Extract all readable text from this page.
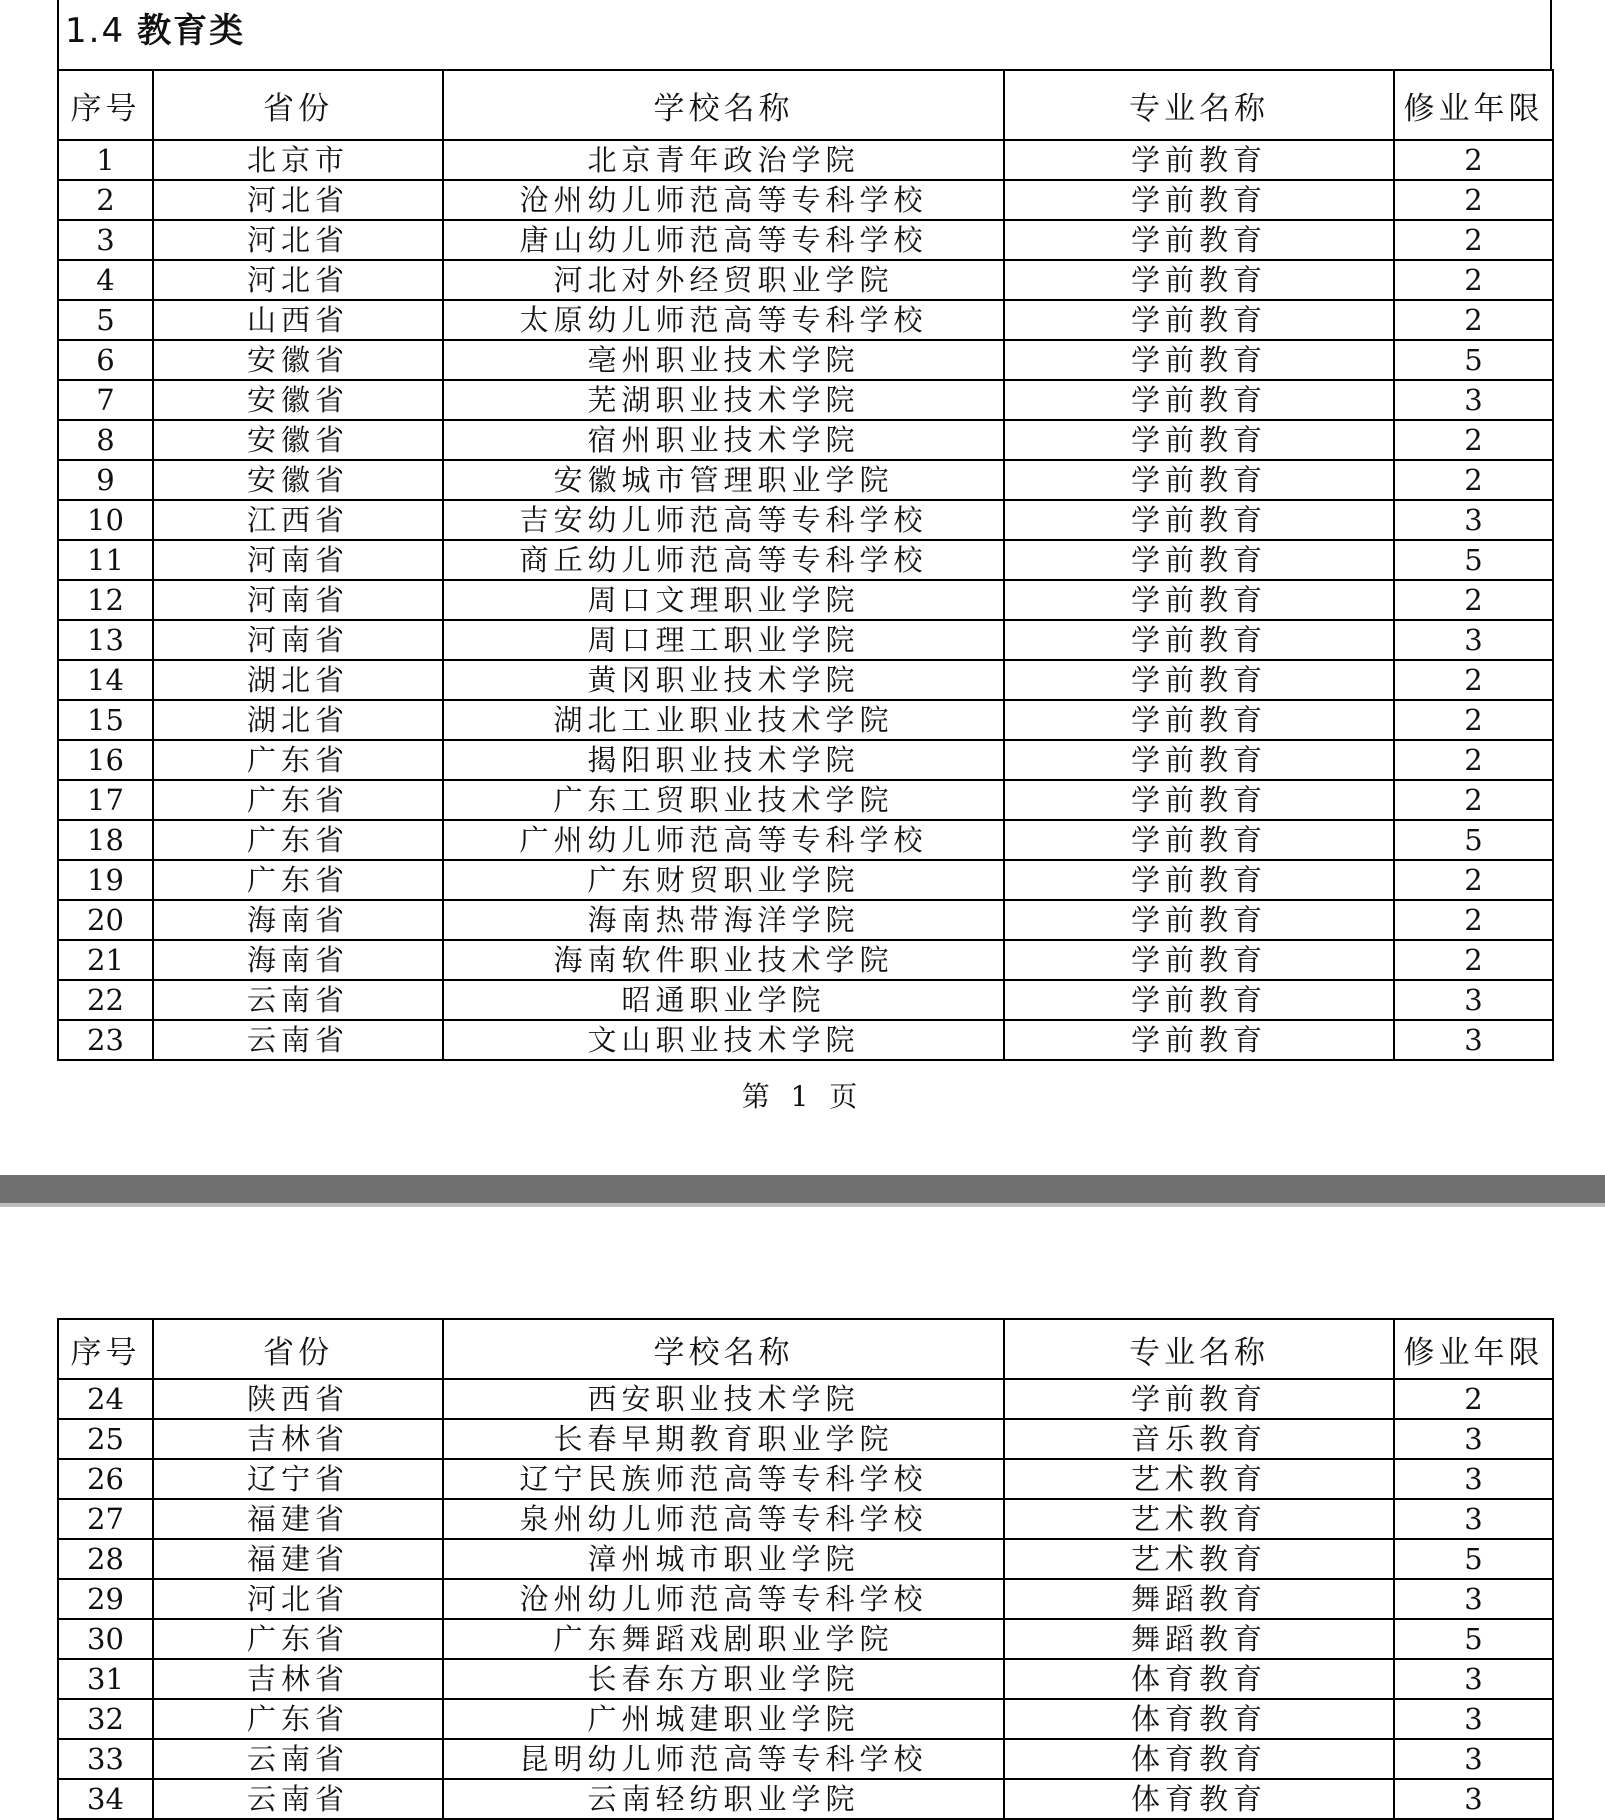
1.4 教育类
序号	省份	学校名称	专业名称	修业年限
1	北京市	北京青年政治学院	学前教育	2
2	河北省	沧州幼儿师范高等专科学校	学前教育	2
3	河北省	唐山幼儿师范高等专科学校	学前教育	2
4	河北省	河北对外经贸职业学院	学前教育	2
5	山西省	太原幼儿师范高等专科学校	学前教育	2
6	安徽省	亳州职业技术学院	学前教育	5
7	安徽省	芜湖职业技术学院	学前教育	3
8	安徽省	宿州职业技术学院	学前教育	2
9	安徽省	安徽城市管理职业学院	学前教育	2
10	江西省	吉安幼儿师范高等专科学校	学前教育	3
11	河南省	商丘幼儿师范高等专科学校	学前教育	5
12	河南省	周口文理职业学院	学前教育	2
13	河南省	周口理工职业学院	学前教育	3
14	湖北省	黄冈职业技术学院	学前教育	2
15	湖北省	湖北工业职业技术学院	学前教育	2
16	广东省	揭阳职业技术学院	学前教育	2
17	广东省	广东工贸职业技术学院	学前教育	2
18	广东省	广州幼儿师范高等专科学校	学前教育	5
19	广东省	广东财贸职业学院	学前教育	2
20	海南省	海南热带海洋学院	学前教育	2
21	海南省	海南软件职业技术学院	学前教育	2
22	云南省	昭通职业学院	学前教育	3
23	云南省	文山职业技术学院	学前教育	3
第 1 页
序号	省份	学校名称	专业名称	修业年限
24	陕西省	西安职业技术学院	学前教育	2
25	吉林省	长春早期教育职业学院	音乐教育	3
26	辽宁省	辽宁民族师范高等专科学校	艺术教育	3
27	福建省	泉州幼儿师范高等专科学校	艺术教育	3
28	福建省	漳州城市职业学院	艺术教育	5
29	河北省	沧州幼儿师范高等专科学校	舞蹈教育	3
30	广东省	广东舞蹈戏剧职业学院	舞蹈教育	5
31	吉林省	长春东方职业学院	体育教育	3
32	广东省	广州城建职业学院	体育教育	3
33	云南省	昆明幼儿师范高等专科学校	体育教育	3
34	云南省	云南轻纺职业学院	体育教育	3
